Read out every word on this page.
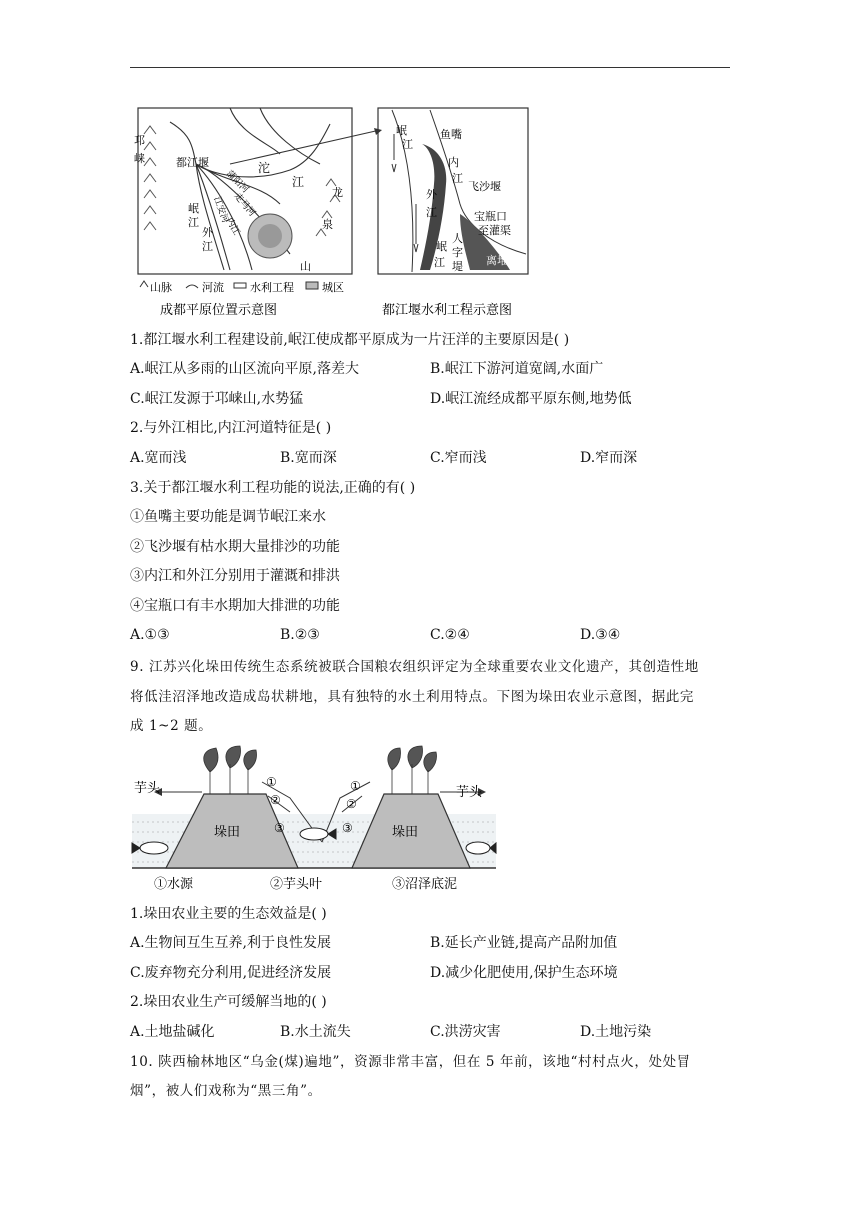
邛
崃	都江堰	沱
江
龙
泉
山
岷
江
外
江
内江
蒲阳河
走马河
江安河
山脉	河流 水利工程	城区
成都平原位置示意图
岷
江
鱼嘴
内
江
外
江
飞沙堰
宝瓶口
至灌渠
人
字
堤
岷
江	离堆
都江堰水利工程示意图
1.都江堰水利工程建设前,岷江使成都平原成为一片汪洋的主要原因是( )
A.岷江从多雨的山区流向平原,落差大	B.岷江下游河道宽阔,水面广
C.岷江发源于邛崃山,水势猛	D.岷江流经成都平原东侧,地势低
2.与外江相比,内江河道特征是( )
A.宽而浅	B.宽而深	C.窄而浅	D.窄而深
3.关于都江堰水利工程功能的说法,正确的有( )
①鱼嘴主要功能是调节岷江来水
②飞沙堰有枯水期大量排沙的功能
③内江和外江分别用于灌溉和排洪
④宝瓶口有丰水期加大排泄的功能
A.①③	B.②③	C.②④	D.③④
9. 江苏兴化垛田传统生态系统被联合国粮农组织评定为全球重要农业文化遗产，其创造性地
将低洼沼泽地改造成岛状耕地，具有独特的水土利用特点。下图为垛田农业示意图，据此完
成 1~2 题。
垛田	垛田
芋头	芋头
①
②
③
①
②
③
①水源	②芋头叶	③沼泽底泥
1.垛田农业主要的生态效益是( )
A.生物间互生互养,利于良性发展	B.延长产业链,提高产品附加值
C.废弃物充分利用,促进经济发展	D.减少化肥使用,保护生态环境
2.垛田农业生产可缓解当地的( )
A.土地盐碱化	B.水土流失	C.洪涝灾害	D.土地污染
10. 陕西榆林地区“乌金(煤)遍地”，资源非常丰富，但在 5 年前，该地“村村点火，处处冒
烟”，被人们戏称为“黑三角”。
